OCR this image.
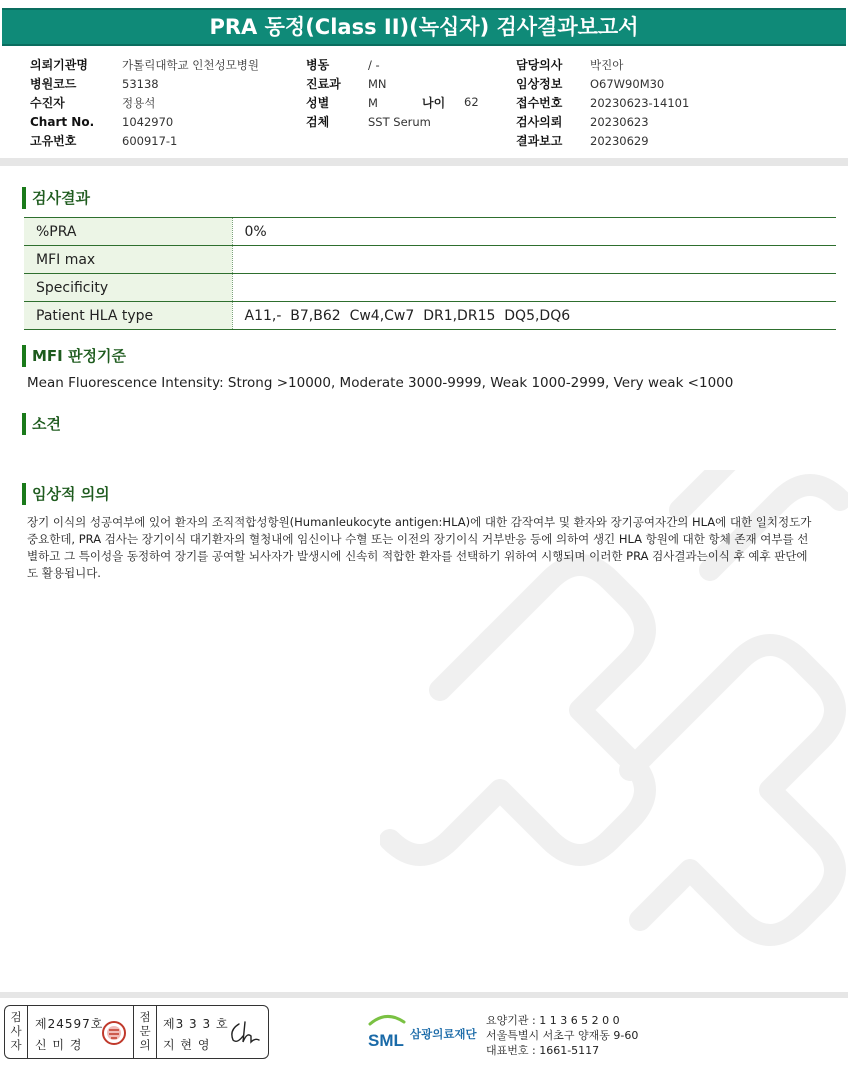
PRA 동정(Class II)(녹십자) 검사결과보고서
의뢰기관명	가톨릭대학교 인천성모병원
병원코드	53138
수진자	정용석
Chart No. 1042970
고유번호	600917-1
병동	/ -
진료과 MN
성별	M
검체	SST Serum
나이 62
담당의사 박진아
임상정보 O67W90M30
접수번호 20230623-14101
검사의뢰 20230623
결과보고 20230629
검사결과
%PRA	0%
MFI max	
Specificity	
Patient HLA type	A11,-  B7,B62  Cw4,Cw7  DR1,DR15  DQ5,DQ6
MFI 판정기준
Mean Fluorescence Intensity: Strong >10000, Moderate 3000-9999, Weak 1000-2999, Very weak <1000
소견
임상적 의의
장기 이식의 성공여부에 있어 환자의 조직적합성항원(Humanleukocyte antigen:HLA)에 대한 감작여부 및 환자와 장기공여자간의 HLA에 대한 일치정도가 중요한데, PRA 검사는 장기이식 대기환자의 혈청내에 임신이나 수혈 또는 이전의 장기이식 거부반응 등에 의하여 생긴 HLA 항원에 대한 항체 존재 여부를 선별하고 그 특이성을 동정하여 장기를 공여할 뇌사자가 발생시에 신속히 적합한 환자를 선택하기 위하여 시행되며 이러한 PRA 검사결과는이식 후 예후 판단에도 활용됩니다.
검
사
자
제24597호
신 미 경
점
문
의
제3 3 3 호
지 현 영	SML 삼광의료재단
요양기관 : 1 1 3 6 5 2 0 0
서울특별시 서초구 양재동 9-60
대표번호 : 1661-5117
